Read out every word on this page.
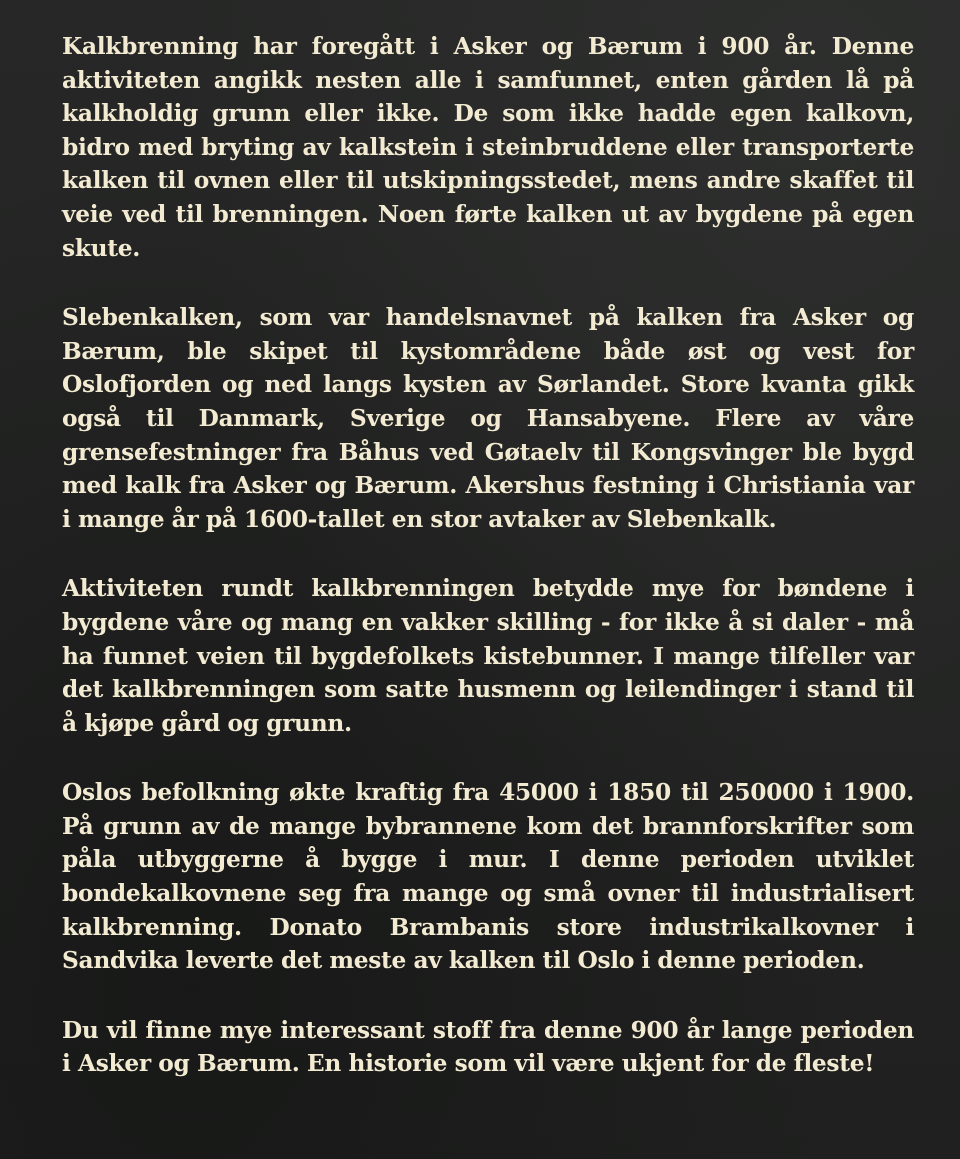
Kalkbrenning har foregått i Asker og Bærum i 900 år. Denne aktiviteten angikk nesten alle i samfunnet, enten gården lå på kalkholdig grunn eller ikke. De som ikke hadde egen kalkovn, bidro med bryting av kalkstein i steinbruddene eller transporterte kalken til ovnen eller til utskipningsstedet, mens andre skaffet til veie ved til brenningen. Noen førte kalken ut av bygdene på egen skute.

Slebenkalken, som var handelsnavnet på kalken fra Asker og Bærum, ble skipet til kystområdene både øst og vest for Oslofjorden og ned langs kysten av Sørlandet. Store kvanta gikk også til Danmark, Sverige og Hansabyene. Flere av våre grensefestninger fra Båhus ved Gøtaelv til Kongsvinger ble bygd med kalk fra Asker og Bærum. Akershus festning i Christiania var i mange år på 1600-tallet en stor avtaker av Slebenkalk.

Aktiviteten rundt kalkbrenningen betydde mye for bøndene i bygdene våre og mang en vakker skilling - for ikke å si daler - må ha funnet veien til bygdefolkets kistebunner. I mange tilfeller var det kalkbrenningen som satte husmenn og leilendinger i stand til å kjøpe gård og grunn.

Oslos befolkning økte kraftig fra 45000 i 1850 til 250000 i 1900. På grunn av de mange bybrannene kom det brannforskrifter som påla utbyggerne å bygge i mur. I denne perioden utviklet bondekalkovnene seg fra mange og små ovner til industrialisert kalkbrenning. Donato Brambanis store industrikalkovner i Sandvika leverte det meste av kalken til Oslo i denne perioden.

Du vil finne mye interessant stoff fra denne 900 år lange perioden i Asker og Bærum. En historie som vil være ukjent for de fleste!
